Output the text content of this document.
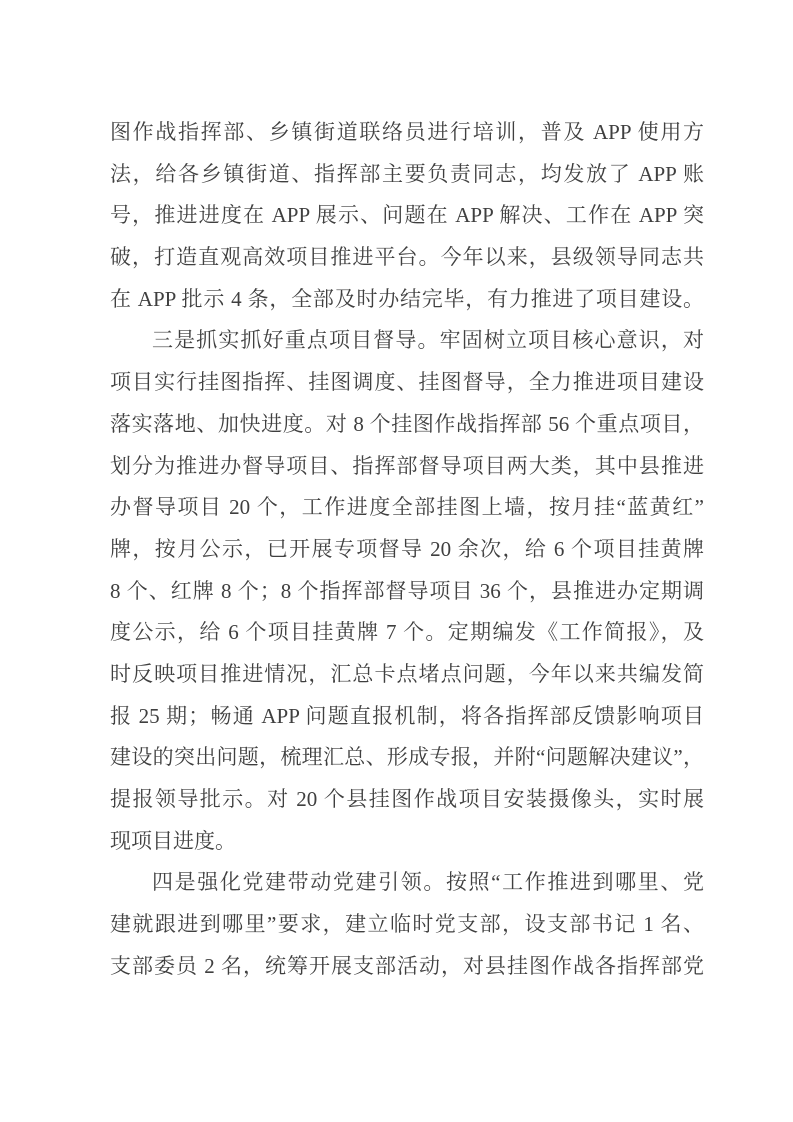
图作战指挥部、乡镇街道联络员进行培训，普及 APP 使用方
法，给各乡镇街道、指挥部主要负责同志，均发放了 APP 账
号，推进进度在 APP 展示、问题在 APP 解决、工作在 APP 突
破，打造直观高效项目推进平台。今年以来，县级领导同志共
在 APP 批示 4 条，全部及时办结完毕，有力推进了项目建设。
三是抓实抓好重点项目督导。牢固树立项目核心意识，对
项目实行挂图指挥、挂图调度、挂图督导，全力推进项目建设
落实落地、加快进度。对 8 个挂图作战指挥部 56 个重点项目，
划分为推进办督导项目、指挥部督导项目两大类，其中县推进
办督导项目 20 个，工作进度全部挂图上墙，按月挂“蓝黄红”
牌，按月公示，已开展专项督导 20 余次，给 6 个项目挂黄牌
8 个、红牌 8 个；8 个指挥部督导项目 36 个，县推进办定期调
度公示，给 6 个项目挂黄牌 7 个。定期编发《工作简报》，及
时反映项目推进情况，汇总卡点堵点问题，今年以来共编发简
报 25 期；畅通 APP 问题直报机制，将各指挥部反馈影响项目
建设的突出问题，梳理汇总、形成专报，并附“问题解决建议”，
提报领导批示。对 20 个县挂图作战项目安装摄像头，实时展
现项目进度。
四是强化党建带动党建引领。按照“工作推进到哪里、党
建就跟进到哪里”要求，建立临时党支部，设支部书记 1 名、
支部委员 2 名，统筹开展支部活动，对县挂图作战各指挥部党
